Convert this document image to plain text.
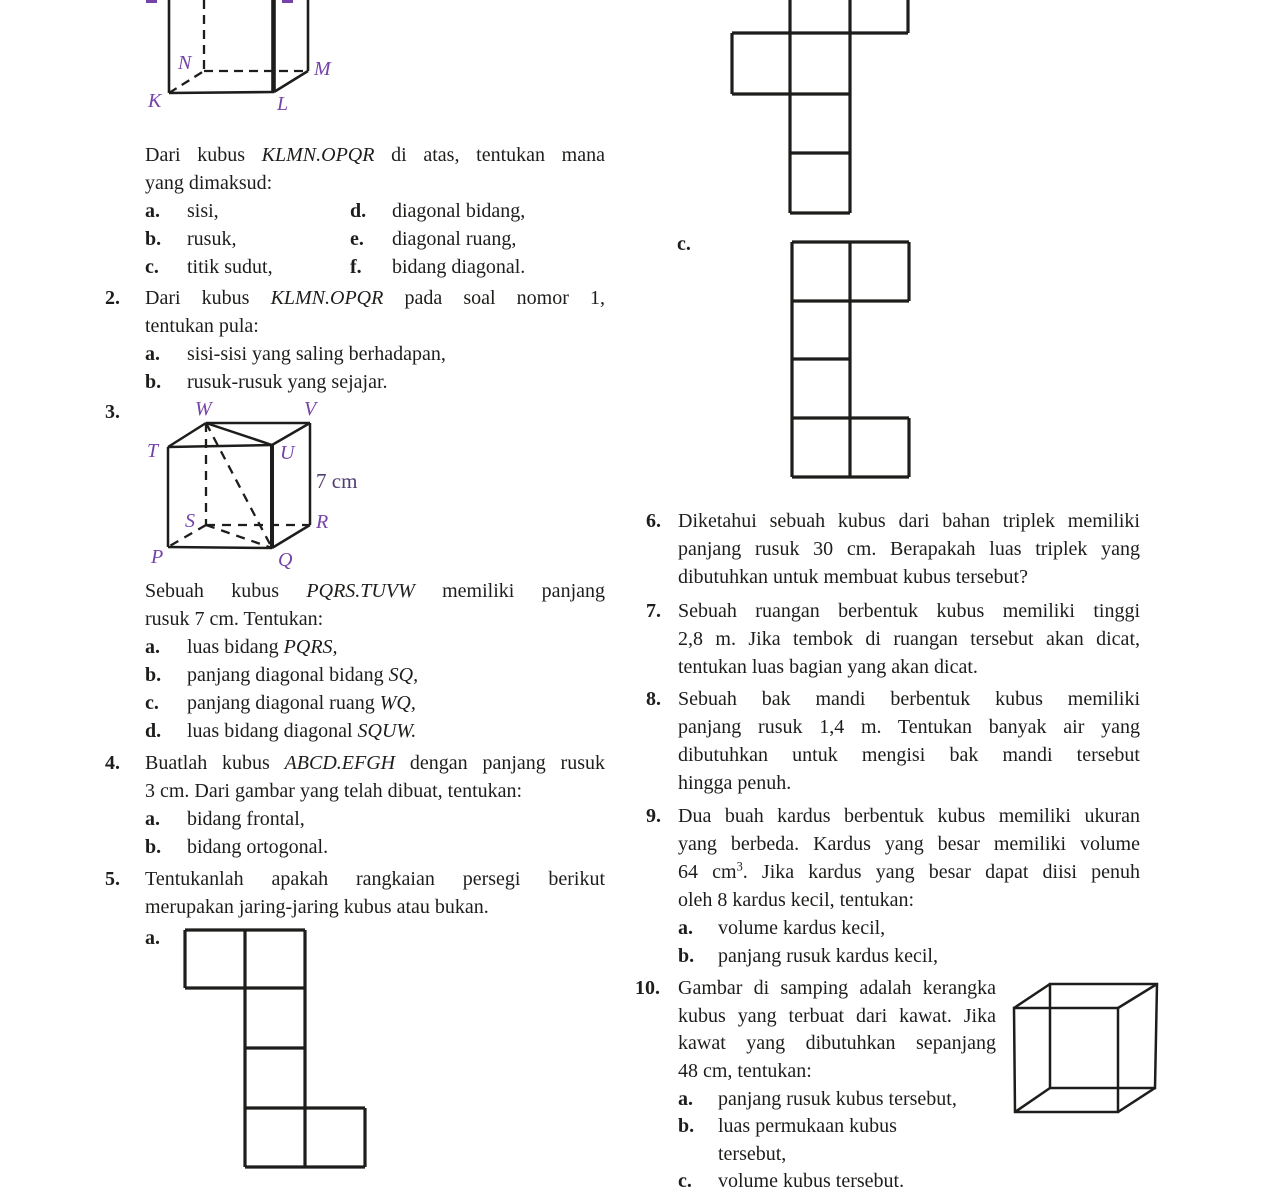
N	M
K	L
Dari kubus KLMN.OPQR di atas, tentukan mana
yang dimaksud:
a. sisi,	d. diagonal bidang,
b. rusuk,	e. diagonal ruang,
c. titik sudut,	f. bidang diagonal.
2. Dari kubus KLMN.OPQR pada soal nomor 1,
tentukan pula:
a. sisi-sisi yang saling berhadapan,
b. rusuk-rusuk yang sejajar.
3.	W	V
T	U
7 cm
S	R
P	Q
Sebuah kubus PQRS.TUVW memiliki panjang
rusuk 7 cm. Tentukan:
a. luas bidang PQRS,
b. panjang diagonal bidang SQ,
c. panjang diagonal ruang WQ,
d. luas bidang diagonal SQUW.
4. Buatlah kubus ABCD.EFGH dengan panjang rusuk
3 cm. Dari gambar yang telah dibuat, tentukan:
a. bidang frontal,
b. bidang ortogonal.
5. Tentukanlah apakah rangkaian persegi berikut
merupakan jaring-jaring kubus atau bukan.
a.
c.
6. Diketahui sebuah kubus dari bahan triplek memiliki
panjang rusuk 30 cm. Berapakah luas triplek yang
dibutuhkan untuk membuat kubus tersebut?
7. Sebuah ruangan berbentuk kubus memiliki tinggi
2,8 m. Jika tembok di ruangan tersebut akan dicat,
tentukan luas bagian yang akan dicat.
8. Sebuah bak mandi berbentuk kubus memiliki
panjang rusuk 1,4 m. Tentukan banyak air yang
dibutuhkan untuk mengisi bak mandi tersebut
hingga penuh.
9. Dua buah kardus berbentuk kubus memiliki ukuran
yang berbeda. Kardus yang besar memiliki volume
64 $cm^3$. Jika kardus yang besar dapat diisi penuh
oleh 8 kardus kecil, tentukan:
a. volume kardus kecil,
b. panjang rusuk kardus kecil,
10. Gambar di samping adalah kerangka
kubus yang terbuat dari kawat. Jika
kawat yang dibutuhkan sepanjang
48 cm, tentukan:
a. panjang rusuk kubus tersebut,
b. luas permukaan kubus
tersebut,
c. volume kubus tersebut.
